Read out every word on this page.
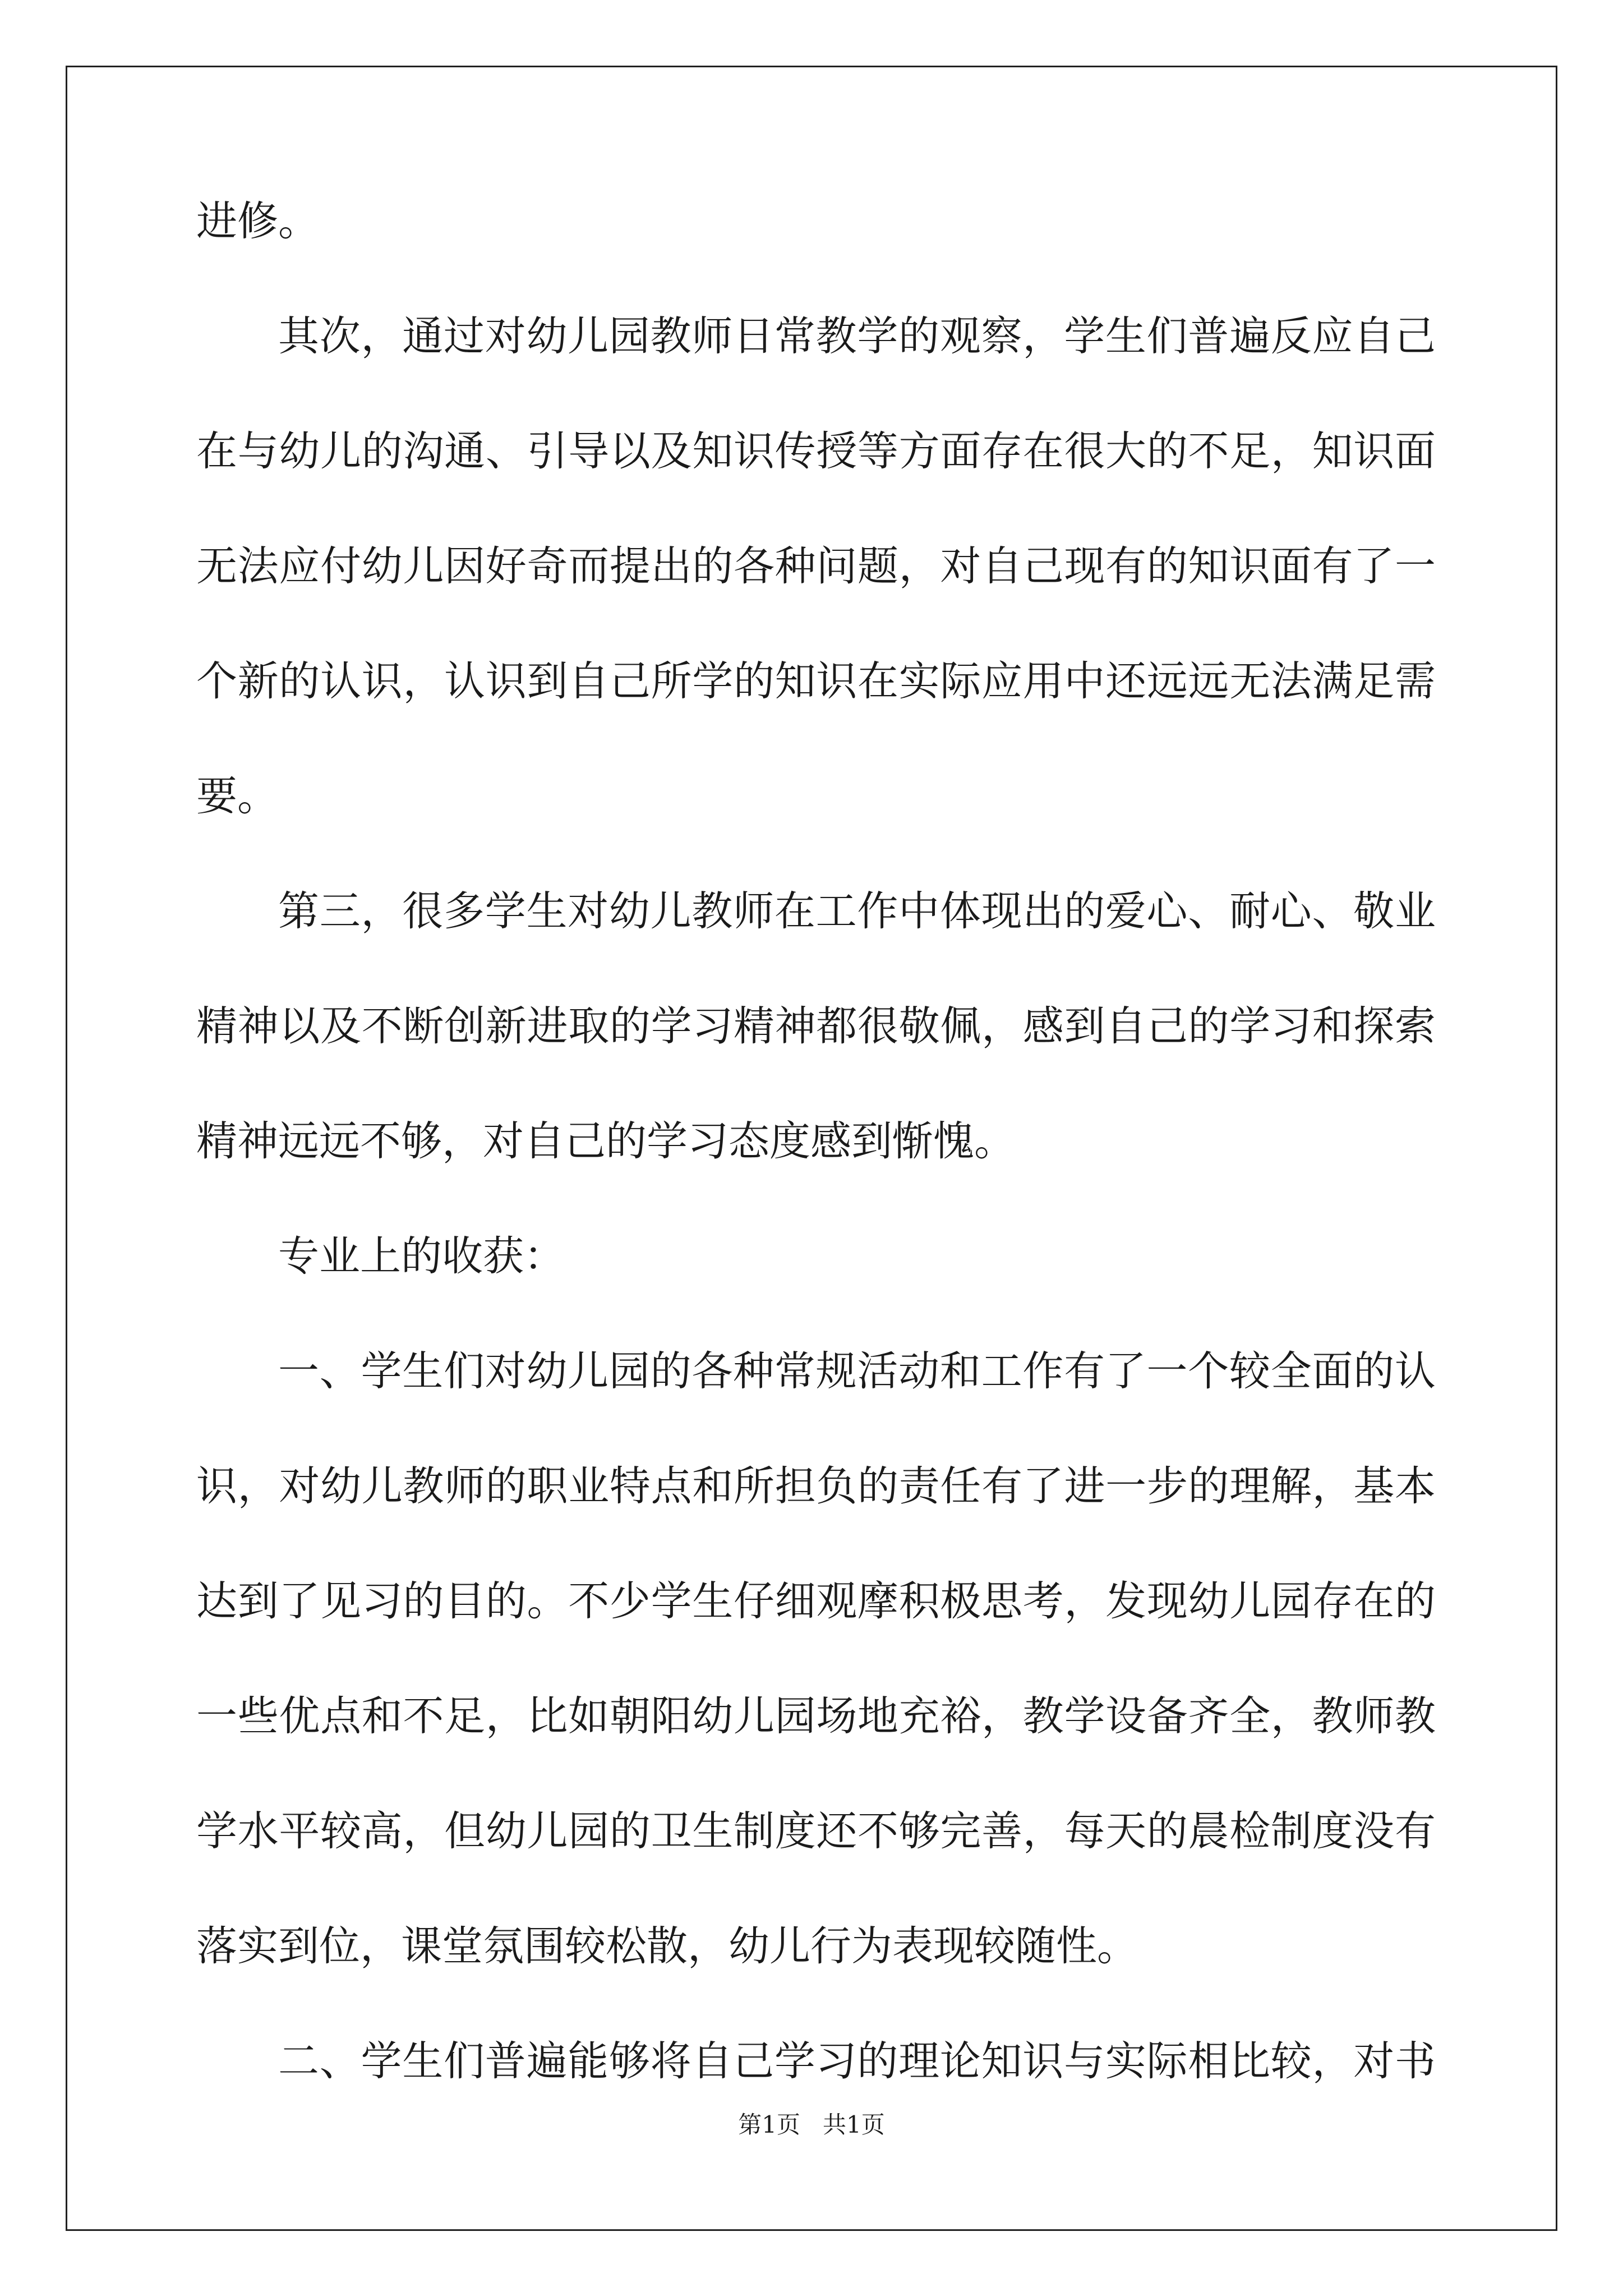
进修。
其次，通过对幼儿园教师日常教学的观察，学生们普遍反应自己
在与幼儿的沟通、引导以及知识传授等方面存在很大的不足，知识面
无法应付幼儿因好奇而提出的各种问题，对自己现有的知识面有了一
个新的认识，认识到自己所学的知识在实际应用中还远远无法满足需
要。
第三，很多学生对幼儿教师在工作中体现出的爱心、耐心、敬业
精神以及不断创新进取的学习精神都很敬佩，感到自己的学习和探索
精神远远不够，对自己的学习态度感到惭愧。
专业上的收获：
一、学生们对幼儿园的各种常规活动和工作有了一个较全面的认
识，对幼儿教师的职业特点和所担负的责任有了进一步的理解，基本
达到了见习的目的。不少学生仔细观摩积极思考，发现幼儿园存在的
一些优点和不足，比如朝阳幼儿园场地充裕，教学设备齐全，教师教
学水平较高，但幼儿园的卫生制度还不够完善，每天的晨检制度没有
落实到位，课堂氛围较松散，幼儿行为表现较随性。
二、学生们普遍能够将自己学习的理论知识与实际相比较，对书
第1页   共1页
